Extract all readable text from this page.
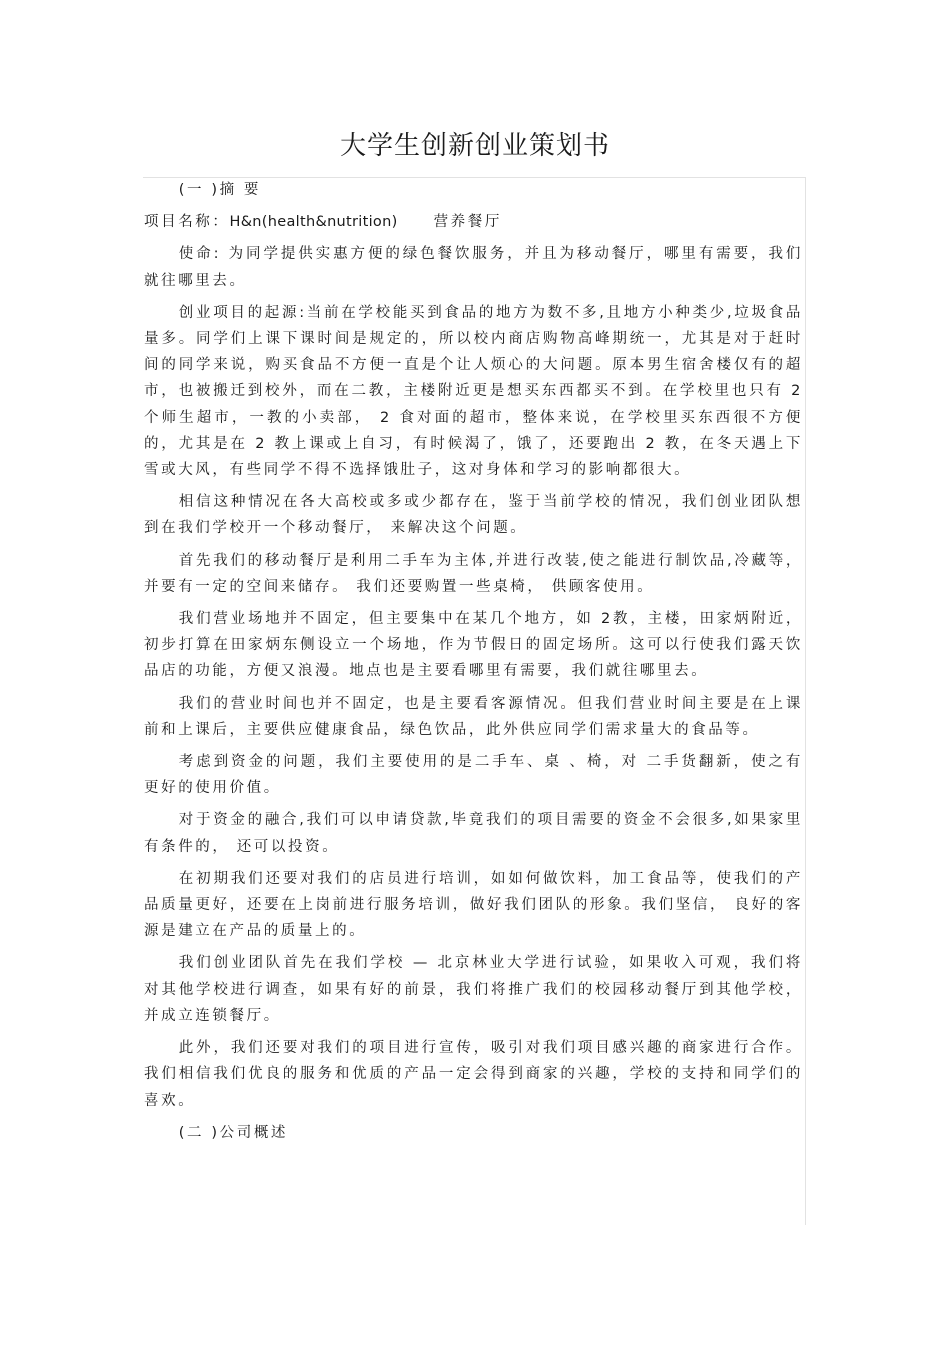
大学生创新创业策划书

(一 )摘 要

项目名称：H&n(health&nutrition) 营养餐厅

使命: 为同学提供实惠方便的绿色餐饮服务，并且为移动餐厅，哪里有需要，我们就往哪里去。

创业项目的起源:当前在学校能买到食品的地方为数不多,且地方小种类少,垃圾食品量多。同学们上课下课时间是规定的，所以校内商店购物高峰期统一，尤其是对于赶时间的同学来说，购买食品不方便一直是个让人烦心的大问题。原本男生宿舍楼仅有的超市，也被搬迁到校外，而在二教，主楼附近更是想买东西都买不到。在学校里也只有 2 个师生超市，一教的小卖部， 2 食对面的超市，整体来说，在学校里买东西很不方便的，尤其是在 2 教上课或上自习，有时候渴了，饿了，还要跑出 2 教，在冬天遇上下雪或大风，有些同学不得不选择饿肚子，这对身体和学习的影响都很大。

相信这种情况在各大高校或多或少都存在，鉴于当前学校的情况，我们创业团队想到在我们学校开一个移动餐厅， 来解决这个问题。

首先我们的移动餐厅是利用二手车为主体,并进行改装,使之能进行制饮品,冷藏等， 并要有一定的空间来储存。 我们还要购置一些桌椅， 供顾客使用。

我们营业场地并不固定，但主要集中在某几个地方，如 2教，主楼，田家炳附近，初步打算在田家炳东侧设立一个场地，作为节假日的固定场所。这可以行使我们露天饮品店的功能，方便又浪漫。地点也是主要看哪里有需要，我们就往哪里去。

我们的营业时间也并不固定，也是主要看客源情况。但我们营业时间主要是在上课前和上课后，主要供应健康食品，绿色饮品，此外供应同学们需求量大的食品等。

考虑到资金的问题，我们主要使用的是二手车、桌 、椅，对 二手货翻新，使之有更好的使用价值。

对于资金的融合,我们可以申请贷款,毕竟我们的项目需要的资金不会很多,如果家里有条件的， 还可以投资。

在初期我们还要对我们的店员进行培训，如如何做饮料，加工食品等，使我们的产品质量更好，还要在上岗前进行服务培训，做好我们团队的形象。我们坚信， 良好的客源是建立在产品的质量上的。

我们创业团队首先在我们学校 — 北京林业大学进行试验，如果收入可观，我们将对其他学校进行调查，如果有好的前景，我们将推广我们的校园移动餐厅到其他学校， 并成立连锁餐厅。

此外，我们还要对我们的项目进行宣传，吸引对我们项目感兴趣的商家进行合作。我们相信我们优良的服务和优质的产品一定会得到商家的兴趣，学校的支持和同学们的喜欢。

(二 )公司概述
